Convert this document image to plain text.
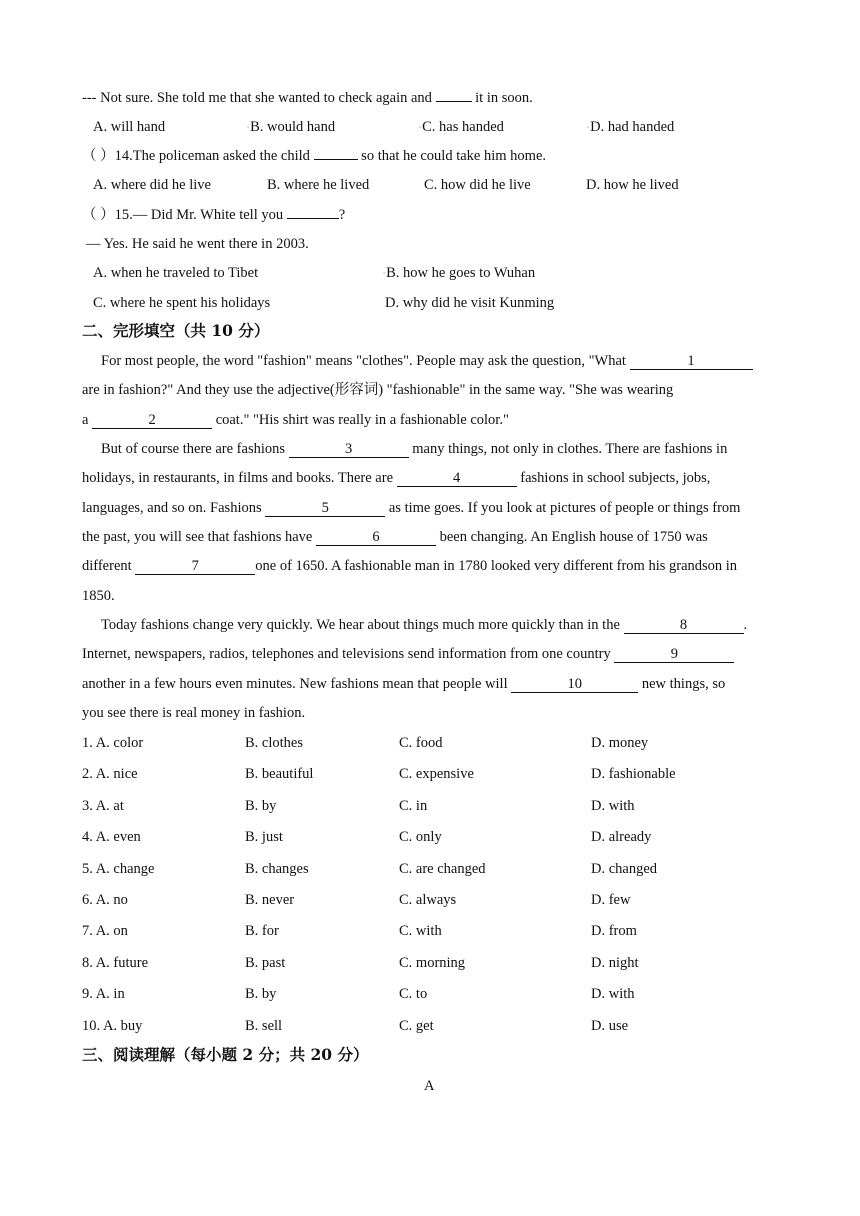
--- Not sure. She told me that she wanted to check again and	it in soon.
A. will hand	▫B. would hand	▫C. has handed	▫D. had handed
（ ）14.The policeman asked the child	so that he could take him home.
A. where did he live	B. where he lived	C. how did he live	D. how he lived
（ ）15.— Did Mr. White tell you	?
— Yes. He said he went there in 2003.
A. when he traveled to Tibet	▫B. how he goes to Wuhan
C. where he spent his holidays	D. why did he visit Kunming
二、完形填空（共 10 分）
For most people, the word "fashion" means "clothes". People may ask the question, "What	1
are in fashion?" And they use the adjective(形容词) "fashionable" in the same way. "She was wearing
a	2	coat." "His shirt was really in a fashionable color."
But of course there are fashions	3	many things, not only in clothes. There are fashions in
holidays, in restaurants, in films and books. There are	4	fashions in school subjects, jobs,
languages, and so on. Fashions	5	as time goes. If you look at pictures of people or things from
the past, you will see that fashions have	6	been changing. An English house of 1750 was
different	7	one of 1650. A fashionable man in 1780 looked very different from his grandson in
1850.
Today fashions change very quickly. We hear about things much more quickly than in the	8	.
Internet, newspapers, radios, telephones and televisions send information from one country	9
another in a few hours even minutes. New fashions mean that people will	10	new things, so
you see there is real money in fashion.
1. A. color	B. clothes	C. food	D. money
2. A. nice	B. beautiful	C. expensive	D. fashionable
3. A. at	B. by	C. in	D. with
4. A. even	B. just	C. only	D. already
5. A. change	B. changes	C. are changed	D. changed
6. A. no	B. never	C. always	D. few
7. A. on	B. for	C. with	D. from
8. A. future	B. past	C. morning	D. night
9. A. in	B. by	C. to	D. with
10. A. buy	B. sell	C. get	D. use
三、阅读理解（每小题 2 分；共 20 分）
A
